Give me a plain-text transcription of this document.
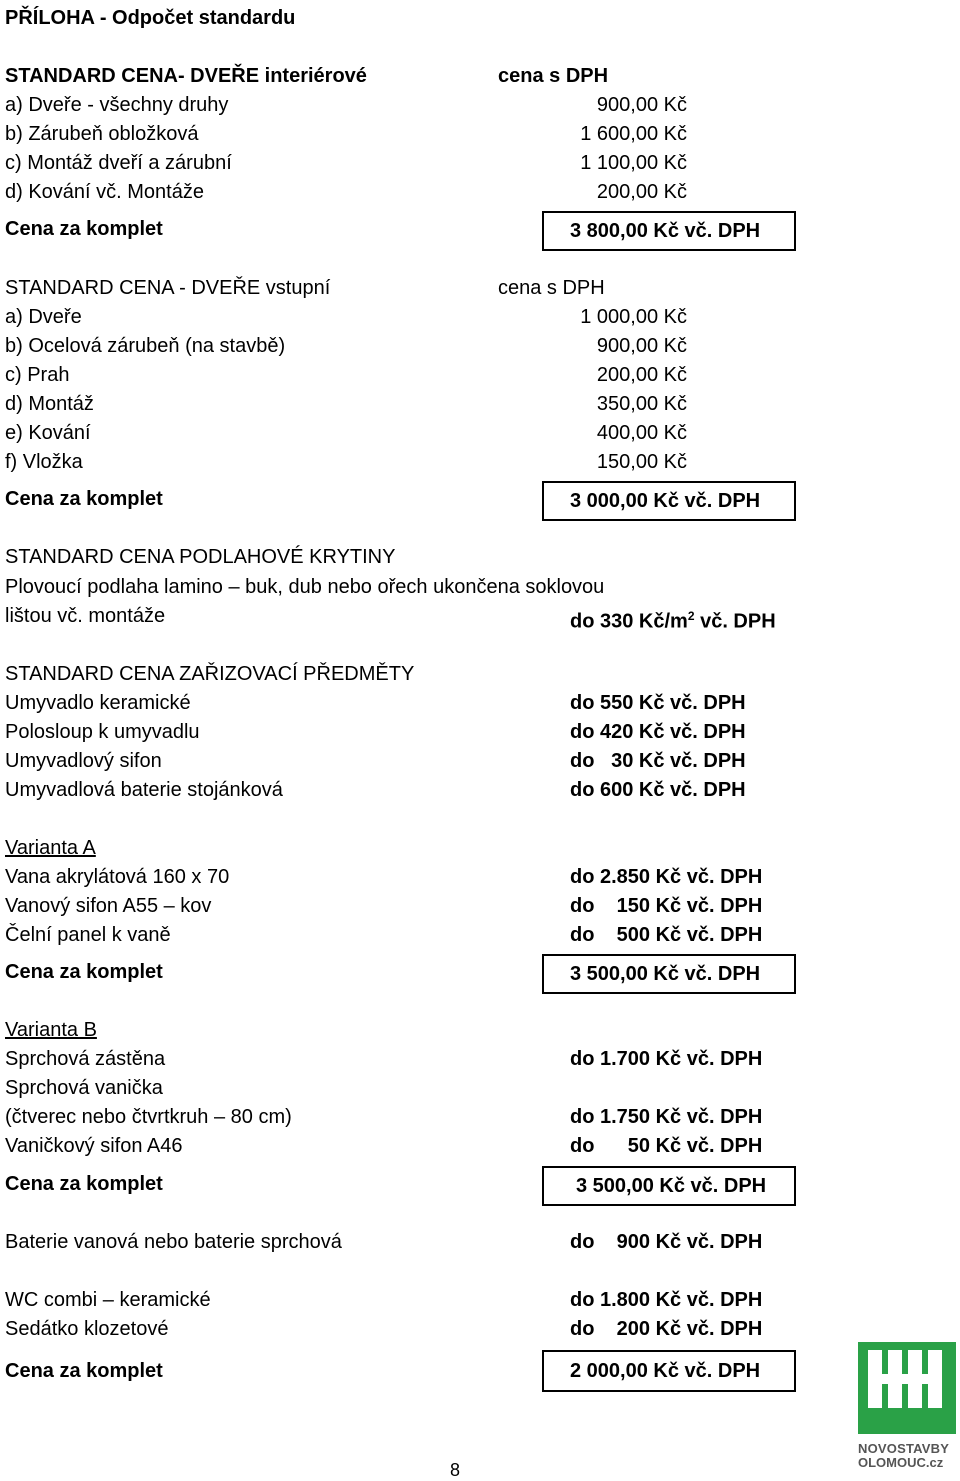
PŘÍLOHA - Odpočet standardu
STANDARD CENA- DVEŘE interiérové	cena s DPH
a) Dveře - všechny druhy	900,00 Kč
b) Zárubeň obložková	1 600,00 Kč
c) Montáž dveří a zárubní	1 100,00 Kč
d) Kování vč. Montáže	200,00 Kč
Cena za komplet	3 800,00 Kč vč. DPH
STANDARD CENA - DVEŘE vstupní	cena s DPH
a) Dveře	1 000,00 Kč
b) Ocelová zárubeň (na stavbě)	900,00 Kč
c) Prah	200,00 Kč
d) Montáž	350,00 Kč
e) Kování	400,00 Kč
f) Vložka	150,00 Kč
Cena za komplet	3 000,00 Kč vč. DPH
STANDARD CENA PODLAHOVÉ KRYTINY
Plovoucí podlaha lamino – buk, dub nebo ořech ukončena soklovou
lištou vč. montáže	do 330 $Kč/m^2$ vč. DPH
STANDARD CENA ZAŘIZOVACÍ PŘEDMĚTY
Umyvadlo keramické	do 550 Kč vč. DPH
Polosloup k umyvadlu	do 420 Kč vč. DPH
Umyvadlový sifon	do   30 Kč vč. DPH
Umyvadlová baterie stojánková	do 600 Kč vč. DPH
Varianta A
Vana akrylátová 160 x 70	do 2.850 Kč vč. DPH
Vanový sifon A55 – kov	do    150 Kč vč. DPH
Čelní panel k vaně	do    500 Kč vč. DPH
Cena za komplet	3 500,00 Kč vč. DPH
Varianta B
Sprchová zástěna	do 1.700 Kč vč. DPH
Sprchová vanička
(čtverec nebo čtvrtkruh – 80 cm)	do 1.750 Kč vč. DPH
Vaničkový sifon A46	do      50 Kč vč. DPH
Cena za komplet	3 500,00 Kč vč. DPH
Baterie vanová nebo baterie sprchová	do    900 Kč vč. DPH
WC combi – keramické	do 1.800 Kč vč. DPH
Sedátko klozetové	do    200 Kč vč. DPH
Cena za komplet	2 000,00 Kč vč. DPH
8
NOVOSTAVBY
OLOMOUC.cz
